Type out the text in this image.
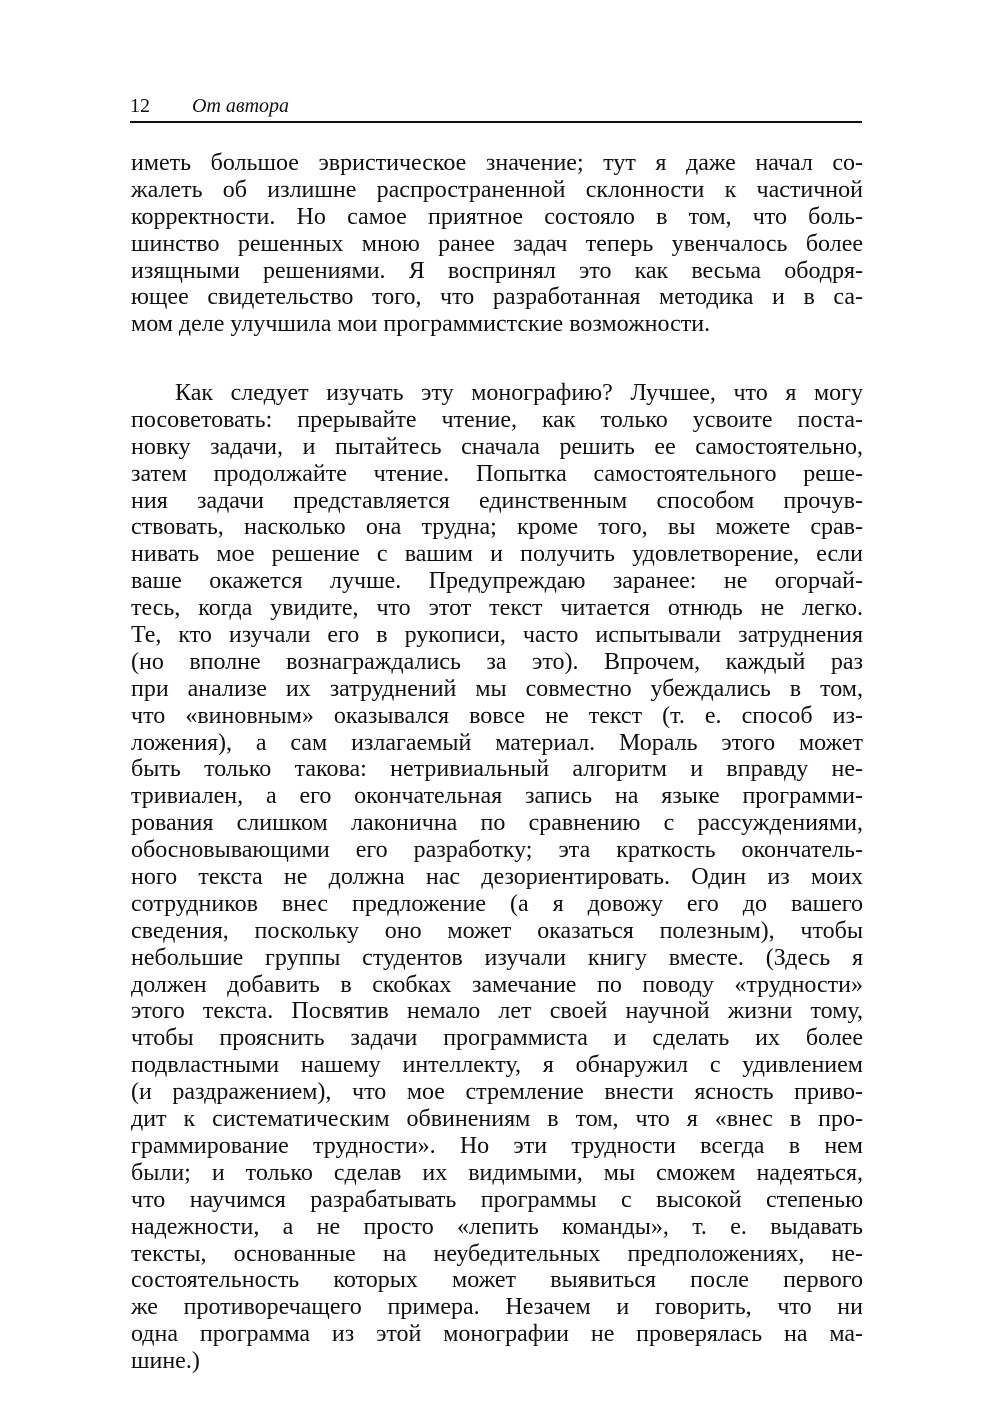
12 От автора
иметь большое эвристическое значение; тут я даже начал со-
жалеть об излишне распространенной склонности к частичной
корректности. Но самое приятное состояло в том, что боль-
шинство решенных мною ранее задач теперь увенчалось более
изящными решениями. Я воспринял это как весьма ободря-
ющее свидетельство того, что разработанная методика и в са-
мом деле улучшила мои программистские возможности.
Как следует изучать эту монографию? Лучшее, что я могу
посоветовать: прерывайте чтение, как только усвоите поста-
новку задачи, и пытайтесь сначала решить ее самостоятельно,
затем продолжайте чтение. Попытка самостоятельного реше-
ния задачи представляется единственным способом прочув-
ствовать, насколько она трудна; кроме того, вы можете срав-
нивать мое решение с вашим и получить удовлетворение, если
ваше окажется лучше. Предупреждаю заранее: не огорчай-
тесь, когда увидите, что этот текст читается отнюдь не легко.
Те, кто изучали его в рукописи, часто испытывали затруднения
(но вполне вознаграждались за это). Впрочем, каждый раз
при анализе их затруднений мы совместно убеждались в том,
что «виновным» оказывался вовсе не текст (т. е. способ из-
ложения), а сам излагаемый материал. Мораль этого может
быть только такова: нетривиальный алгоритм и вправду не-
тривиален, а его окончательная запись на языке программи-
рования слишком лаконична по сравнению с рассуждениями,
обосновывающими его разработку; эта краткость окончатель-
ного текста не должна нас дезориентировать. Один из моих
сотрудников внес предложение (а я довожу его до вашего
сведения, поскольку оно может оказаться полезным), чтобы
небольшие группы студентов изучали книгу вместе. (Здесь я
должен добавить в скобках замечание по поводу «трудности»
этого текста. Посвятив немало лет своей научной жизни тому,
чтобы прояснить задачи программиста и сделать их более
подвластными нашему интеллекту, я обнаружил с удивлением
(и раздражением), что мое стремление внести ясность приво-
дит к систематическим обвинениям в том, что я «внес в про-
граммирование трудности». Но эти трудности всегда в нем
были; и только сделав их видимыми, мы сможем надеяться,
что научимся разрабатывать программы с высокой степенью
надежности, а не просто «лепить команды», т. е. выдавать
тексты, основанные на неубедительных предположениях, не-
состоятельность которых может выявиться после первого
же противоречащего примера. Незачем и говорить, что ни
одна программа из этой монографии не проверялась на ма-
шине.)
